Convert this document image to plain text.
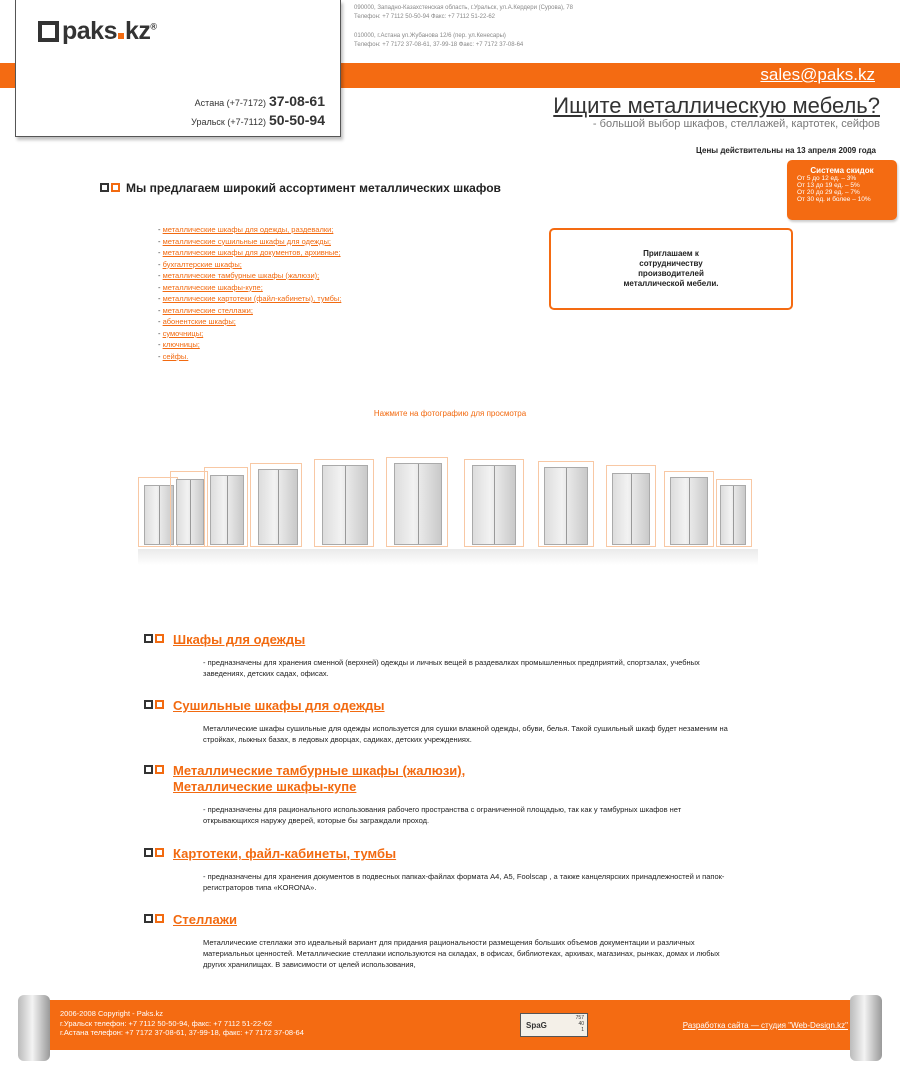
090000, Западно-Казахстенская область, г.Уральск, ул.А.Кердери (Сурова), 78
Телефон: +7 7112 50-50-94 Факс: +7 7112 51-22-62

010000, г.Астана ул.Жубанова 12/6 (пер. ул.Кенесары)
Телефон: +7 7172 37-08-61, 37-99-18 Факс: +7 7172 37-08-64

Высокое качество, низкие цены, н	sales@paks.kz
paks kz®
Астана (+7-7172) 37-08-61
Уральск (+7-7112) 50-50-94
Ищите металлическую мебель?
- большой выбор шкафов, стеллажей, картотек, сейфов
Цены действительны на 13 апреля 2009 года
Система скидок
От 5 до 12 ед. – 3%
От 13 до 19 ед. – 5%
От 20 до 29 ед. – 7%
От 30 ед. и более – 10%
Мы предлагаем широкий ассортимент металлических шкафов
- металлические шкафы для одежды, раздевалки;
- металлические сушильные шкафы для одежды;
- металлические шкафы для документов, архивные;
- бухгалтерские шкафы;
- металлические тамбурные шкафы (жалюзи);
- металлические шкафы-купе;
- металлические картотеки (файл-кабинеты), тумбы;
- металлические стеллажи;
- абонентские шкафы;
- сумочницы;
- ключницы;
- сейфы.
Приглашаем к сотрудничеству производителей металлической мебели.
Нажмите на фотографию для просмотра
Шкафы для одежды
- предназначены для хранения сменной (верхней) одежды и личных вещей в раздевалках промышленных предприятий, спортзалах, учебных заведениях, детских садах, офисах.
Сушильные шкафы для одежды
Металлические шкафы сушильные для одежды используется для сушки влажной одежды, обуви, белья. Такой сушильный шкаф будет незаменим на стройках, лыжных базах, в ледовых дворцах, садиках, детских учреждениях.
Металлические тамбурные шкафы (жалюзи),
Металлические шкафы-купе
- предназначены для рационального использования рабочего пространства с ограниченной площадью, так как у тамбурных шкафов нет открывающихся наружу дверей, которые бы заграждали проход.
Картотеки, файл-кабинеты, тумбы
- предназначены для хранения документов в подвесных папках-файлах формата А4, А5, Foolscap , а также канцелярских принадлежностей и папок-регистраторов типа «KORONA».
Стеллажи
Металлические стеллажи это идеальный вариант для придания рациональности размещения больших объемов документации и различных материальных ценностей. Металлические стеллажи используются на складах, в офисах, библиотеках, архивах, магазинах, рынках, домах и любых других хранилищах. В зависимости от целей использования,
2006-2008 Copyright - Paks.kz
г.Уральск телефон: +7 7112 50-50-94, факс: +7 7112 51-22-62
г.Астана телефон: +7 7172 37-08-61, 37-99-18, факс: +7 7172 37-08-64
SpaG
757
40
1	Разработка сайта — студия "Web-Design.kz"
